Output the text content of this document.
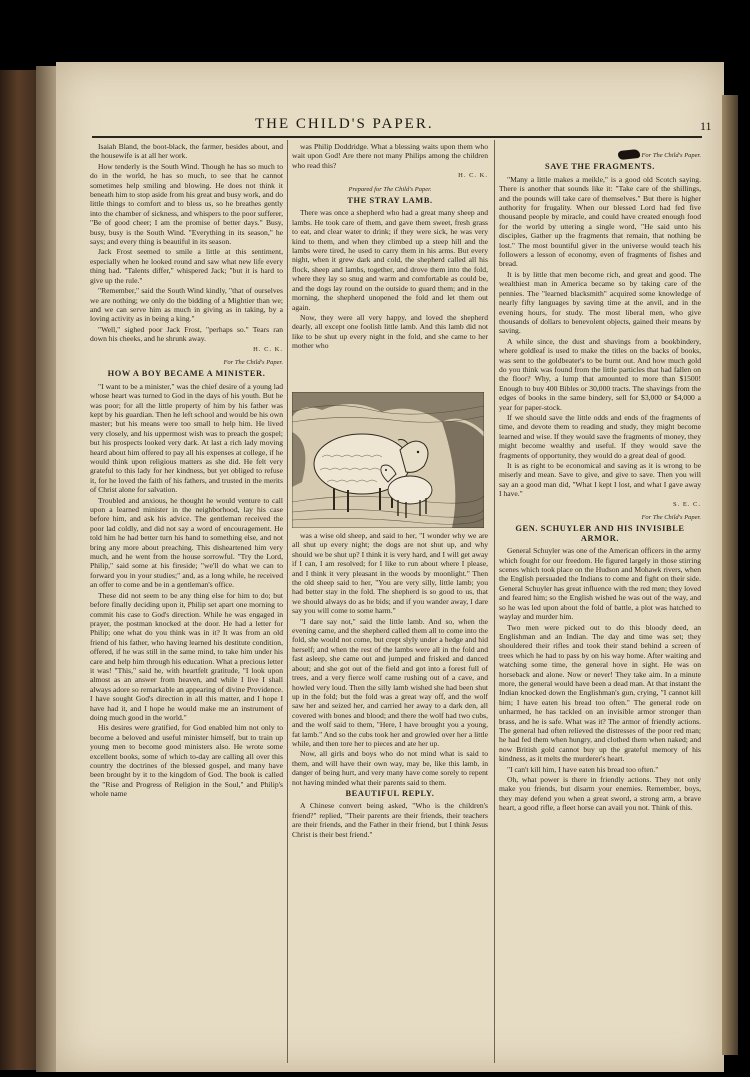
THE CHILD'S PAPER.	11

Isaiah Bland, the boot-black, the farmer, besides about, and the housewife is at all her work.

How tenderly is the South Wind. Though he has so much to do in the world, he has so much, to see that he cannot sometimes help smiling and blowing. He does not think it beneath him to stop aside from his great and busy work, and do little things to comfort and to bless us, so he breathes gently into the chamber of sickness, and whispers to the poor sufferer, "Be of good cheer; I am the promise of better days." Busy, busy, busy is the South Wind. "Everything in its season," he says; and every thing is beautiful in its season.

Jack Frost seemed to smile a little at this sentiment, especially when he looked round and saw what new life every thing had. "Talents differ," whispered Jack; "but it is hard to give up the rule."

"Remember," said the South Wind kindly, "that of ourselves we are nothing; we only do the bidding of a Mightier than we; and we can serve him as much in giving as in taking, by a loving activity as in being a king."

"Well," sighed poor Jack Frost, "perhaps so." Tears ran down his cheeks, and he shrunk away.

H. C. K.
For The Child's Paper.
HOW A BOY BECAME A MINISTER.

"I want to be a minister," was the chief desire of a young lad whose heart was turned to God in the days of his youth. But he was poor; for all the little property of him by his father was kept by his guardian. Then he left school and would be his own master; but his means were too small to help him. He lived very closely, and his uppermost wish was to preach the gospel; but his prospects looked very dark. At last a rich lady moving heard about him offered to pay all his expenses at college, if he would think upon religious matters as she did. He felt very grateful to this lady for her kindness, but yet obliged to refuse it, for he loved the faith of his fathers, and trusted in the merits of Christ alone for salvation.

Troubled and anxious, he thought he would venture to call upon a learned minister in the neighborhood, lay his case before him, and ask his advice. The gentleman received the poor lad coldly, and did not say a word of encouragement. He told him he had better turn his hand to something else, and not bring any more about preaching. This disheartened him very much, and he went from the house sorrowful. "Try the Lord, Philip," said some at his fireside; "we'll do what we can to forward you in your studies;" and, as a long while, he received an offer to come and be in a gentleman's office.

These did not seem to be any thing else for him to do; but before finally deciding upon it, Philip set apart one morning to commit his case to God's direction. While he was engaged in prayer, the postman knocked at the door. He had a letter for Philip; one what do you think was in it? It was from an old friend of his father, who having learned his destitute condition, offered, if he was still in the same mind, to take him under his care and help him through his education. What a precious letter it was! "This," said he, with heartfelt gratitude, "I look upon almost as an answer from heaven, and while I live I shall always adore so remarkable an appearing of divine Providence. I have sought God's direction in all this matter, and I hope I have had it, and I hope he would make me an instrument of doing much good in the world."

His desires were gratified, for God enabled him not only to become a beloved and useful minister himself, but to train up young men to become good ministers also. He wrote some excellent books, some of which to-day are calling all over this country the doctrines of the blessed gospel, and many have been brought by it to the kingdom of God. The book is called the "Rise and Progress of Religion in the Soul," and Philip's whole name

was Philip Doddridge. What a blessing waits upon them who wait upon God! Are there not many Philips among the children who read this?

H. C. K.
Prepared for The Child's Paper.
THE STRAY LAMB.

There was once a shepherd who had a great many sheep and lambs. He took care of them, and gave them sweet, fresh grass to eat, and clear water to drink; if they were sick, he was very kind to them, and when they climbed up a steep hill and the lambs were tired, he used to carry them in his arms. But every night, when it grew dark and cold, the shepherd called all his flock, sheep and lambs, together, and drove them into the fold, where they lay so snug and warm and comfortable as could be, and the dogs lay round on the outside to guard them; and in the morning, the shepherd unopened the fold and let them out again.

Now, they were all very happy, and loved the shepherd dearly, all except one foolish little lamb. And this lamb did not like to be shut up every night in the fold, and she came to her mother who

was a wise old sheep, and said to her, "I wonder why we are all shut up every night; the dogs are not shut up, and why should we be shut up? I think it is very hard, and I will get away if I can, I am resolved; for I like to run about where I please, and I think it very pleasant in the woods by moonlight." Then the old sheep said to her, "You are very silly, little lamb; you had better stay in the fold. The shepherd is so good to us, that we should always do as he bids; and if you wander away, I dare say you will come to some harm."

"I dare say not," said the little lamb. And so, when the evening came, and the shepherd called them all to come into the fold, she would not come, but crept slyly under a hedge and hid herself; and when the rest of the lambs were all in the fold and fast asleep, she came out and jumped and frisked and danced about; and she got out of the field and got into a forest full of trees, and a very fierce wolf came rushing out of a cave, and howled very loud. Then the silly lamb wished she had been shut up in the fold; but the fold was a great way off, and the wolf saw her and seized her, and carried her away to a dark den, all covered with bones and blood; and there the wolf had two cubs, and the wolf said to them, "Here, I have brought you a young, fat lamb." And so the cubs took her and growled over her a little while, and then tore her to pieces and ate her up.

Now, all girls and boys who do not mind what is said to them, and will have their own way, may be, like this lamb, in danger of being hurt, and very many have come sorely to repent not having minded what their parents said to them.

BEAUTIFUL REPLY.

A Chinese convert being asked, "Who is the children's friend?" replied, "Their parents are their friends, their teachers are their friends, and the Father in their friend, but I think Jesus Christ is their best friend."

For The Child's Paper.
SAVE THE FRAGMENTS.

"Many a little makes a meikle," is a good old Scotch saying. There is another that sounds like it: "Take care of the shillings, and the pounds will take care of themselves." But there is higher authority for frugality. When our blessed Lord had fed five thousand people by miracle, and could have created enough food for the world by uttering a single word, "He said unto his disciples, Gather up the fragments that remain, that nothing be lost." The most bountiful giver in the universe would teach his followers a lesson of economy, even of fragments of fishes and bread.

It is by little that men become rich, and great and good. The wealthiest man in America became so by taking care of the pennies. The "learned blacksmith" acquired some knowledge of nearly fifty languages by saving time at the anvil, and in the evening hours, for study. The most liberal men, who give thousands of dollars to benevolent objects, gained their means by saving.

A while since, the dust and shavings from a bookbindery, where goldleaf is used to make the titles on the backs of books, was sent to the goldbeater's to be burnt out. And how much gold do you think was found from the little particles that had fallen on the floor? Why, a lump that amounted to more than $1500! Enough to buy 400 Bibles or 30,000 tracts. The shavings from the edges of books in the same bindery, sell for $3,000 or $4,000 a year for paper-stock.

If we should save the little odds and ends of the fragments of time, and devote them to reading and study, they might become learned and wise. If they would save the fragments of money, they might become wealthy and useful. If they would save the fragments of opportunity, they would do a great deal of good.

It is as right to be economical and saving as it is wrong to be miserly and mean. Save to give, and give to save. Then you will say an a good man did, "What I kept I lost, and what I gave away I have."

S. E. C.
For The Child's Paper.
GEN. SCHUYLER AND HIS INVISIBLE ARMOR.

General Schuyler was one of the American officers in the army which fought for our freedom. He figured largely in those stirring scenes which took place on the Hudson and Mohawk rivers, when the English persuaded the Indians to come and fight on their side. General Schuyler has great influence with the red men; they loved and feared him; so the English wished he was out of the way, and so he was led upon about the fold of battle, a plot was hatched to waylay and murder him.

Two men were picked out to do this bloody deed, an Englishman and an Indian. The day and time was set; they shouldered their rifles and took their stand behind a screen of trees which he had to pass by on his way home. After waiting and watching some time, the general hove in sight. He was on horseback and alone. Now or never! They take aim. In a minute more, the general would have been a dead man. At that instant the Indian knocked down the Englishman's gun, crying, "I cannot kill him; I have eaten his bread too often." The general rode on unharmed, he has tackled on an invisible armor stronger than brass, and he is safe. What was it? The armor of friendly actions. The general had often relieved the distresses of the poor red man; he had fed them when hungry, and clothed them when naked; and now British gold cannot buy up the grateful memory of his kindness, as it melts the murderer's heart.

"I can't kill him, I have eaten his bread too often."

Oh, what power is there in friendly actions. They not only make you friends, but disarm your enemies. Remember, boys, they may defend you when a great sword, a strong arm, a brave heart, a good rifle, a fleet horse can avail you not. Think of this.
